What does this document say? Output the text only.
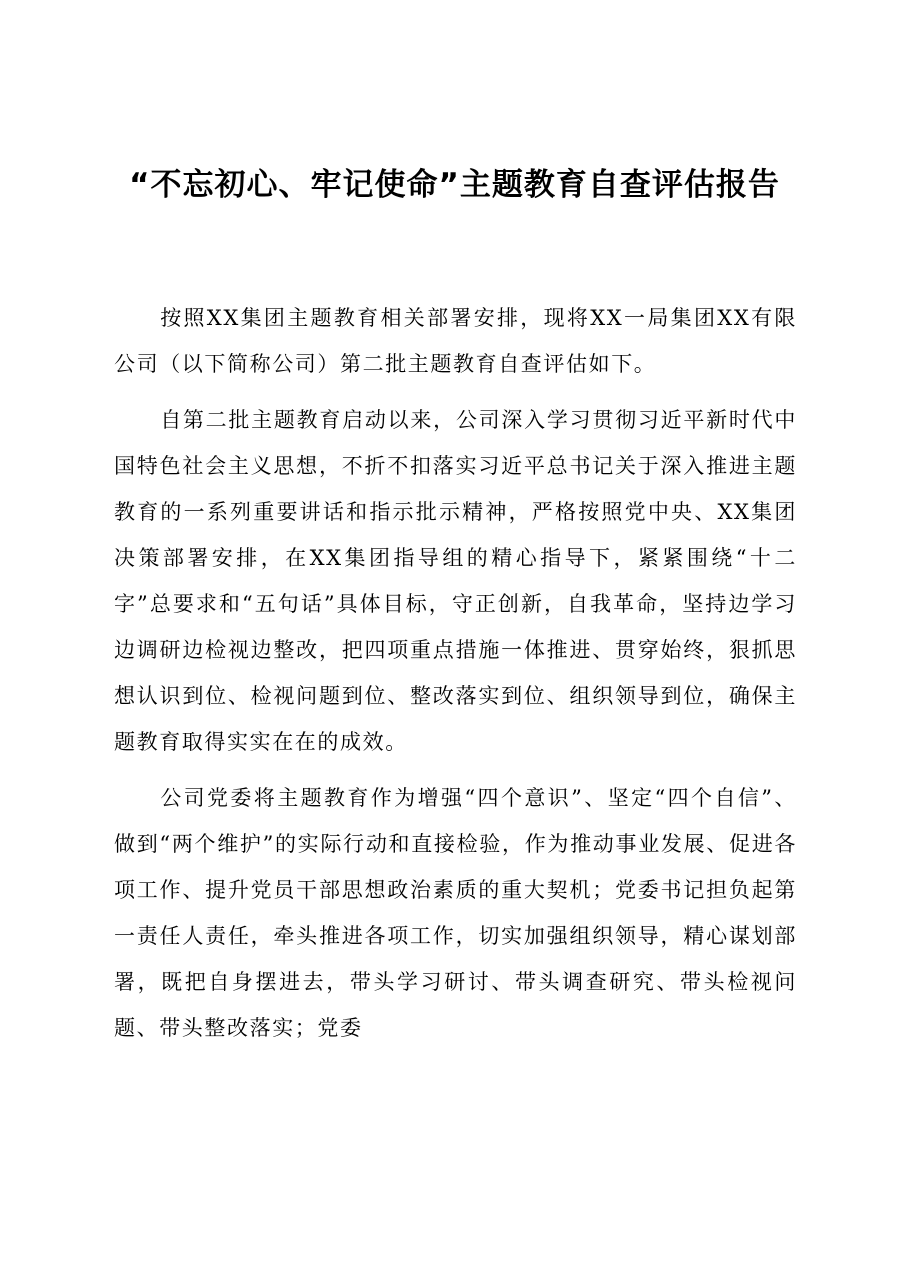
“不忘初心、牢记使命”主题教育自查评估报告

按照XX集团主题教育相关部署安排，现将XX一局集团XX有限公司（以下简称公司）第二批主题教育自查评估如下。

自第二批主题教育启动以来，公司深入学习贯彻习近平新时代中国特色社会主义思想，不折不扣落实习近平总书记关于深入推进主题教育的一系列重要讲话和指示批示精神，严格按照党中央、XX集团决策部署安排，在XX集团指导组的精心指导下，紧紧围绕“十二字”总要求和“五句话”具体目标，守正创新，自我革命，坚持边学习边调研边检视边整改，把四项重点措施一体推进、贯穿始终，狠抓思想认识到位、检视问题到位、整改落实到位、组织领导到位，确保主题教育取得实实在在的成效。

公司党委将主题教育作为增强“四个意识”、坚定“四个自信”、做到“两个维护”的实际行动和直接检验，作为推动事业发展、促进各项工作、提升党员干部思想政治素质的重大契机；党委书记担负起第一责任人责任，牵头推进各项工作，切实加强组织领导，精心谋划部署，既把自身摆进去，带头学习研讨、带头调查研究、带头检视问题、带头整改落实；党委
